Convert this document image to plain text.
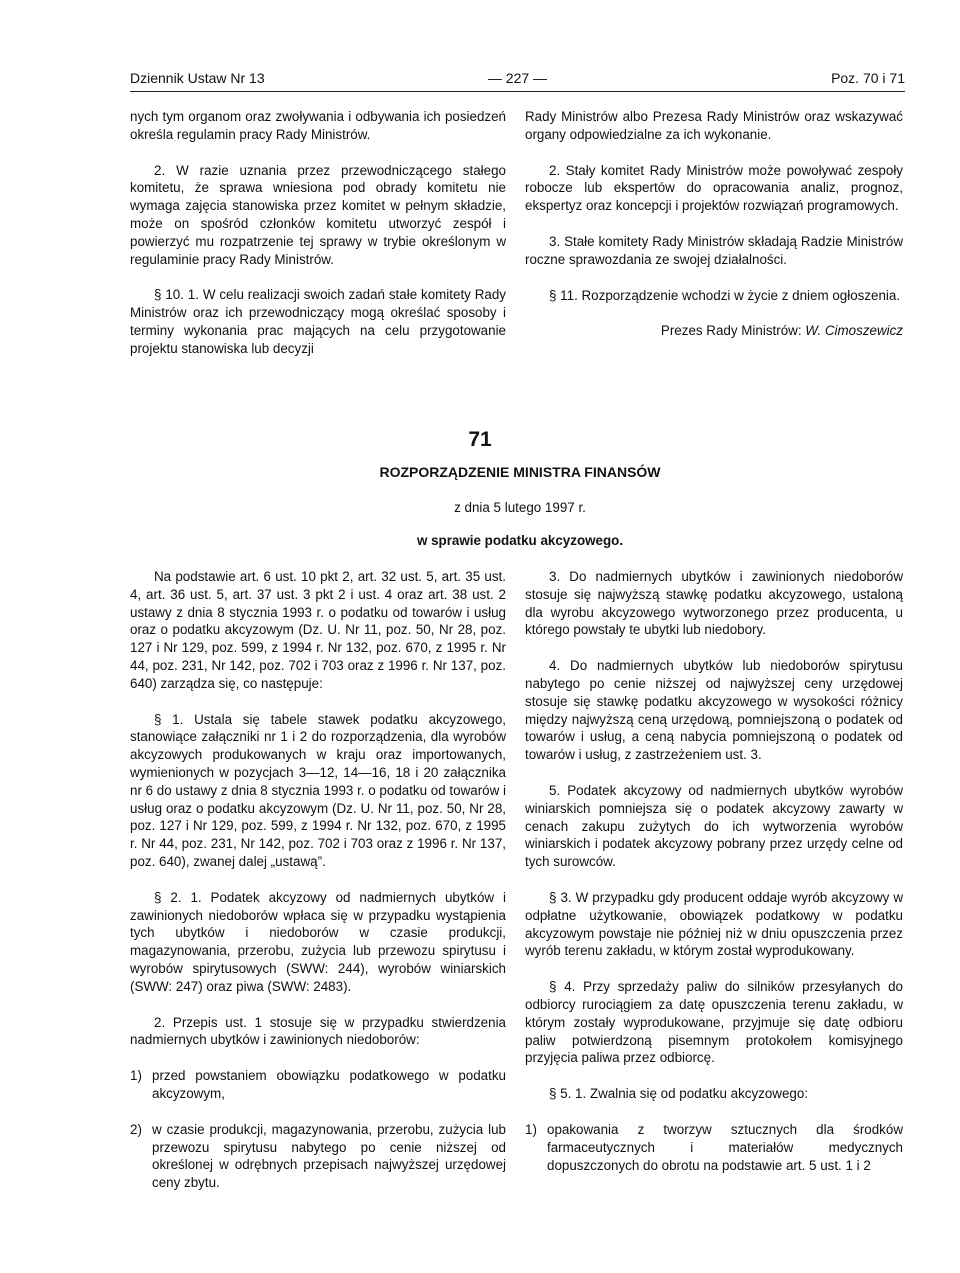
Dziennik Ustaw Nr 13	— 227 —	Poz. 70 i 71

nych tym organom oraz zwoływania i odbywania ich posiedzeń określa regulamin pracy Rady Ministrów.

2. W razie uznania przez przewodniczącego stałego komitetu, że sprawa wniesiona pod obrady komitetu nie wymaga zajęcia stanowiska przez komitet w pełnym składzie, może on spośród członków komitetu utworzyć zespół i powierzyć mu rozpatrzenie tej sprawy w trybie określonym w regulaminie pracy Rady Ministrów.

§ 10. 1. W celu realizacji swoich zadań stałe komitety Rady Ministrów oraz ich przewodniczący mogą określać sposoby i terminy wykonania prac mających na celu przygotowanie projektu stanowiska lub decyzji

Rady Ministrów albo Prezesa Rady Ministrów oraz wskazywać organy odpowiedzialne za ich wykonanie.

2. Stały komitet Rady Ministrów może powoływać zespoły robocze lub ekspertów do opracowania analiz, prognoz, ekspertyz oraz koncepcji i projektów rozwiązań programowych.

3. Stałe komitety Rady Ministrów składają Radzie Ministrów roczne sprawozdania ze swojej działalności.

§ 11. Rozporządzenie wchodzi w życie z dniem ogłoszenia.

Prezes Rady Ministrów: W. Cimoszewicz

71
ROZPORZĄDZENIE MINISTRA FINANSÓW
z dnia 5 lutego 1997 r.
w sprawie podatku akcyzowego.

Na podstawie art. 6 ust. 10 pkt 2, art. 32 ust. 5, art. 35 ust. 4, art. 36 ust. 5, art. 37 ust. 3 pkt 2 i ust. 4 oraz art. 38 ust. 2 ustawy z dnia 8 stycznia 1993 r. o podatku od towarów i usług oraz o podatku akcyzowym (Dz. U. Nr 11, poz. 50, Nr 28, poz. 127 i Nr 129, poz. 599, z 1994 r. Nr 132, poz. 670, z 1995 r. Nr 44, poz. 231, Nr 142, poz. 702 i 703 oraz z 1996 r. Nr 137, poz. 640) zarządza się, co następuje:

§ 1. Ustala się tabele stawek podatku akcyzowego, stanowiące załączniki nr 1 i 2 do rozporządzenia, dla wyrobów akcyzowych produkowanych w kraju oraz importowanych, wymienionych w pozycjach 3—12, 14—16, 18 i 20 załącznika nr 6 do ustawy z dnia 8 stycznia 1993 r. o podatku od towarów i usług oraz o podatku akcyzowym (Dz. U. Nr 11, poz. 50, Nr 28, poz. 127 i Nr 129, poz. 599, z 1994 r. Nr 132, poz. 670, z 1995 r. Nr 44, poz. 231, Nr 142, poz. 702 i 703 oraz z 1996 r. Nr 137, poz. 640), zwanej dalej „ustawą”.

§ 2. 1. Podatek akcyzowy od nadmiernych ubytków i zawinionych niedoborów wpłaca się w przypadku wystąpienia tych ubytków i niedoborów w czasie produkcji, magazynowania, przerobu, zużycia lub przewozu spirytusu i wyrobów spirytusowych (SWW: 244), wyrobów winiarskich (SWW: 247) oraz piwa (SWW: 2483).

2. Przepis ust. 1 stosuje się w przypadku stwierdzenia nadmiernych ubytków i zawinionych niedoborów:

1) przed powstaniem obowiązku podatkowego w podatku akcyzowym,
2) w czasie produkcji, magazynowania, przerobu, zużycia lub przewozu spirytusu nabytego po cenie niższej od określonej w odrębnych przepisach najwyższej urzędowej ceny zbytu.

3. Do nadmiernych ubytków i zawinionych niedoborów stosuje się najwyższą stawkę podatku akcyzowego, ustaloną dla wyrobu akcyzowego wytworzonego przez producenta, u którego powstały te ubytki lub niedobory.

4. Do nadmiernych ubytków lub niedoborów spirytusu nabytego po cenie niższej od najwyższej ceny urzędowej stosuje się stawkę podatku akcyzowego w wysokości różnicy między najwyższą ceną urzędową, pomniejszoną o podatek od towarów i usług, a ceną nabycia pomniejszoną o podatek od towarów i usług, z zastrzeżeniem ust. 3.

5. Podatek akcyzowy od nadmiernych ubytków wyrobów winiarskich pomniejsza się o podatek akcyzowy zawarty w cenach zakupu zużytych do ich wytworzenia wyrobów winiarskich i podatek akcyzowy pobrany przez urzędy celne od tych surowców.

§ 3. W przypadku gdy producent oddaje wyrób akcyzowy w odpłatne użytkowanie, obowiązek podatkowy w podatku akcyzowym powstaje nie później niż w dniu opuszczenia przez wyrób terenu zakładu, w którym został wyprodukowany.

§ 4. Przy sprzedaży paliw do silników przesyłanych do odbiorcy rurociągiem za datę opuszczenia terenu zakładu, w którym zostały wyprodukowane, przyjmuje się datę odbioru paliw potwierdzoną pisemnym protokołem komisyjnego przyjęcia paliwa przez odbiorcę.

§ 5. 1. Zwalnia się od podatku akcyzowego:

1) opakowania z tworzyw sztucznych dla środków farmaceutycznych i materiałów medycznych dopuszczonych do obrotu na podstawie art. 5 ust. 1 i 2
